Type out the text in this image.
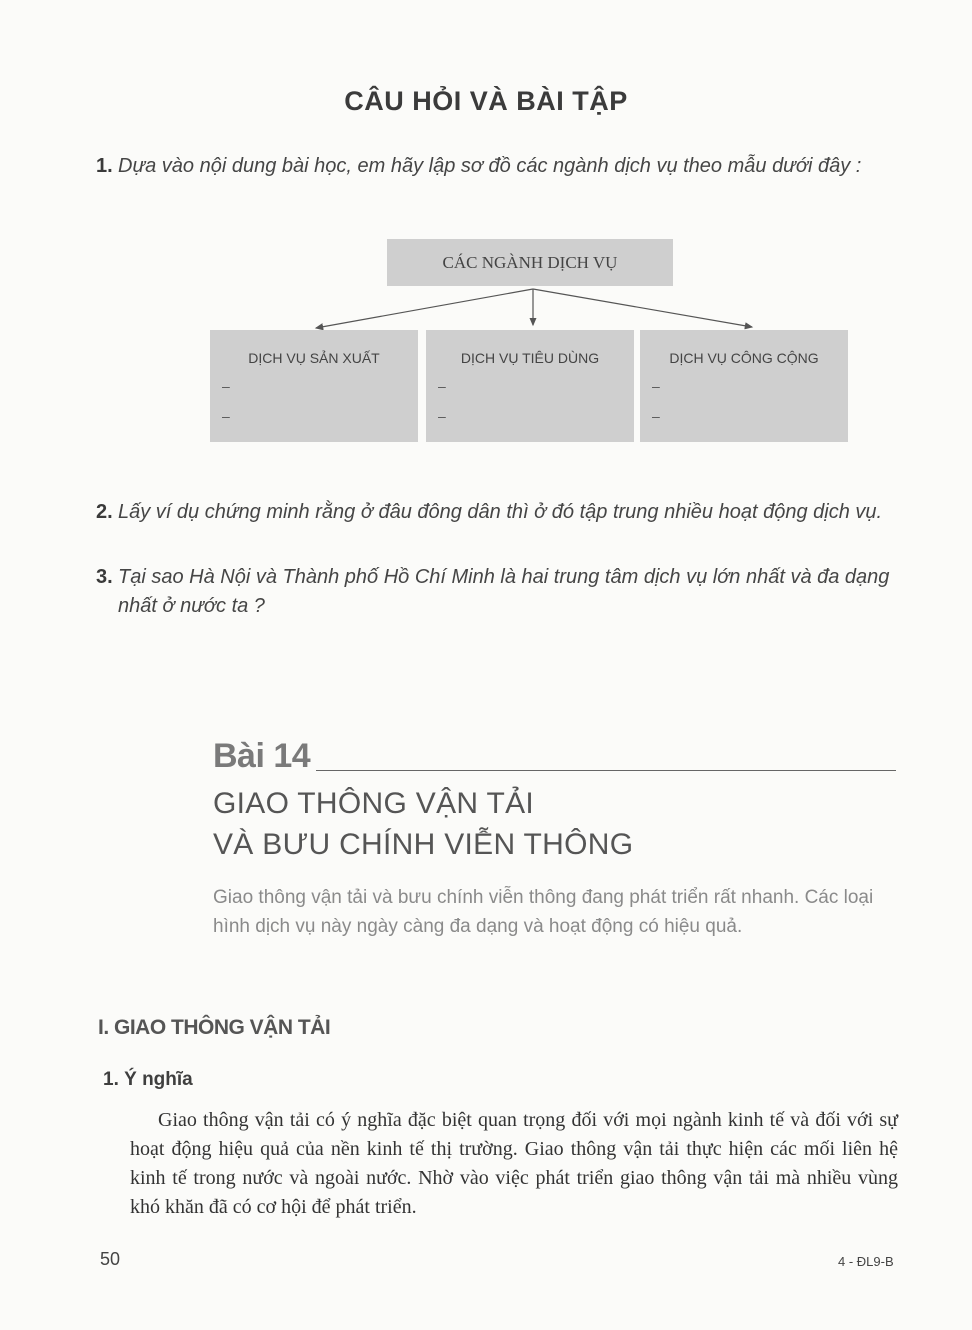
CÂU HỎI VÀ BÀI TẬP
1. Dựa vào nội dung bài học, em hãy lập sơ đồ các ngành dịch vụ theo mẫu dưới đây :
CÁC NGÀNH DỊCH VỤ
DỊCH VỤ SẢN XUẤT
–
–
DỊCH VỤ TIÊU DÙNG
–
–
DỊCH VỤ CÔNG CỘNG
–
–
2. Lấy ví dụ chứng minh rằng ở đâu đông dân thì ở đó tập trung nhiều hoạt động dịch vụ.
3. Tại sao Hà Nội và Thành phố Hồ Chí Minh là hai trung tâm dịch vụ lớn nhất và đa dạng nhất ở nước ta ?
Bài 14
GIAO THÔNG VẬN TẢI
VÀ BƯU CHÍNH VIỄN THÔNG
Giao thông vận tải và bưu chính viễn thông đang phát triển rất nhanh. Các loại hình dịch vụ này ngày càng đa dạng và hoạt động có hiệu quả.
I. GIAO THÔNG VẬN TẢI
1. Ý nghĩa

Giao thông vận tải có ý nghĩa đặc biệt quan trọng đối với mọi ngành kinh tế và đối với sự hoạt động hiệu quả của nền kinh tế thị trường. Giao thông vận tải thực hiện các mối liên hệ kinh tế trong nước và ngoài nước. Nhờ vào việc phát triển giao thông vận tải mà nhiều vùng khó khăn đã có cơ hội để phát triển.

50	4 - ĐL9-B
